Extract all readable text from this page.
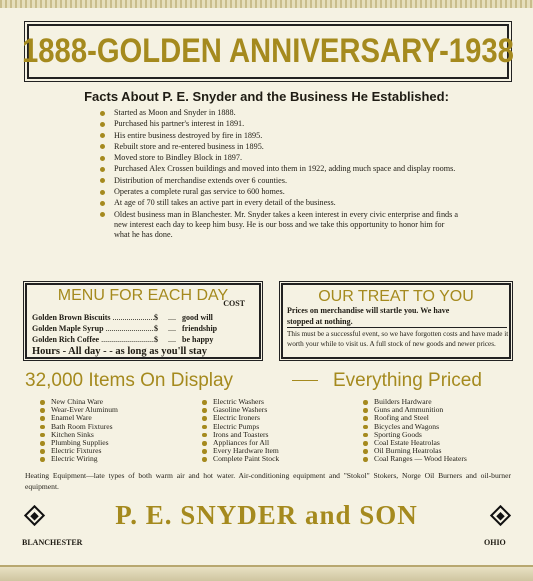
1888-GOLDEN ANNIVERSARY-1938
Facts About P. E. Snyder and the Business He Established:
Started as Moon and Snyder in 1888.
Purchased his partner's interest in 1891.
His entire business destroyed by fire in 1895.
Rebuilt store and re-entered business in 1895.
Moved store to Bindley Block in 1897.
Purchased Alex Crossen buildings and moved into them in 1922, adding much space and display rooms.
Distribution of merchandise extends over 6 counties.
Operates a complete rural gas service to 600 homes.
At age of 70 still takes an active part in every detail of the business.
Oldest business man in Blanchester. Mr. Snyder takes a keen interest in every civic enterprise and finds a new interest each day to keep him busy. He is our boss and we take this opportunity to honor him for what he has done.
MENU FOR EACH DAY
COST
Golden Brown Biscuits .....	$	.... good will
Golden Maple Syrup .....	$	.... friendship
Golden Rich Coffee .....	$	.... be happy
Hours - All day - - as long as you'll stay
OUR TREAT TO YOU
Prices on merchandise will startle you. We have
stopped at nothing.
This must be a successful event, so we have forgotten costs and have made it worth your while to visit us. A full stock of new goods and newer prices.
32,000 Items On Display	Everything Priced
New China Ware
Wear-Ever Aluminum
Enamel Ware
Bath Room Fixtures
Kitchen Sinks
Plumbing Supplies
Electric Fixtures
Electric Wiring
Electric Washers
Gasoline Washers
Electric Ironers
Electric Pumps
Irons and Toasters
Appliances for All
Every Hardware Item
Complete Paint Stock
Builders Hardware
Guns and Ammunition
Roofing and Steel
Bicycles and Wagons
Sporting Goods
Coal Estate Heatrolas
Oil Burning Heatrolas
Coal Ranges — Wood Heaters
Heating Equipment—late types of both warm air and hot water. Air-conditioning equipment and "Stokol" Stokers, Norge Oil Burners and oil-burner equipment.
P. E. SNYDER and SON
BLANCHESTER	OHIO
